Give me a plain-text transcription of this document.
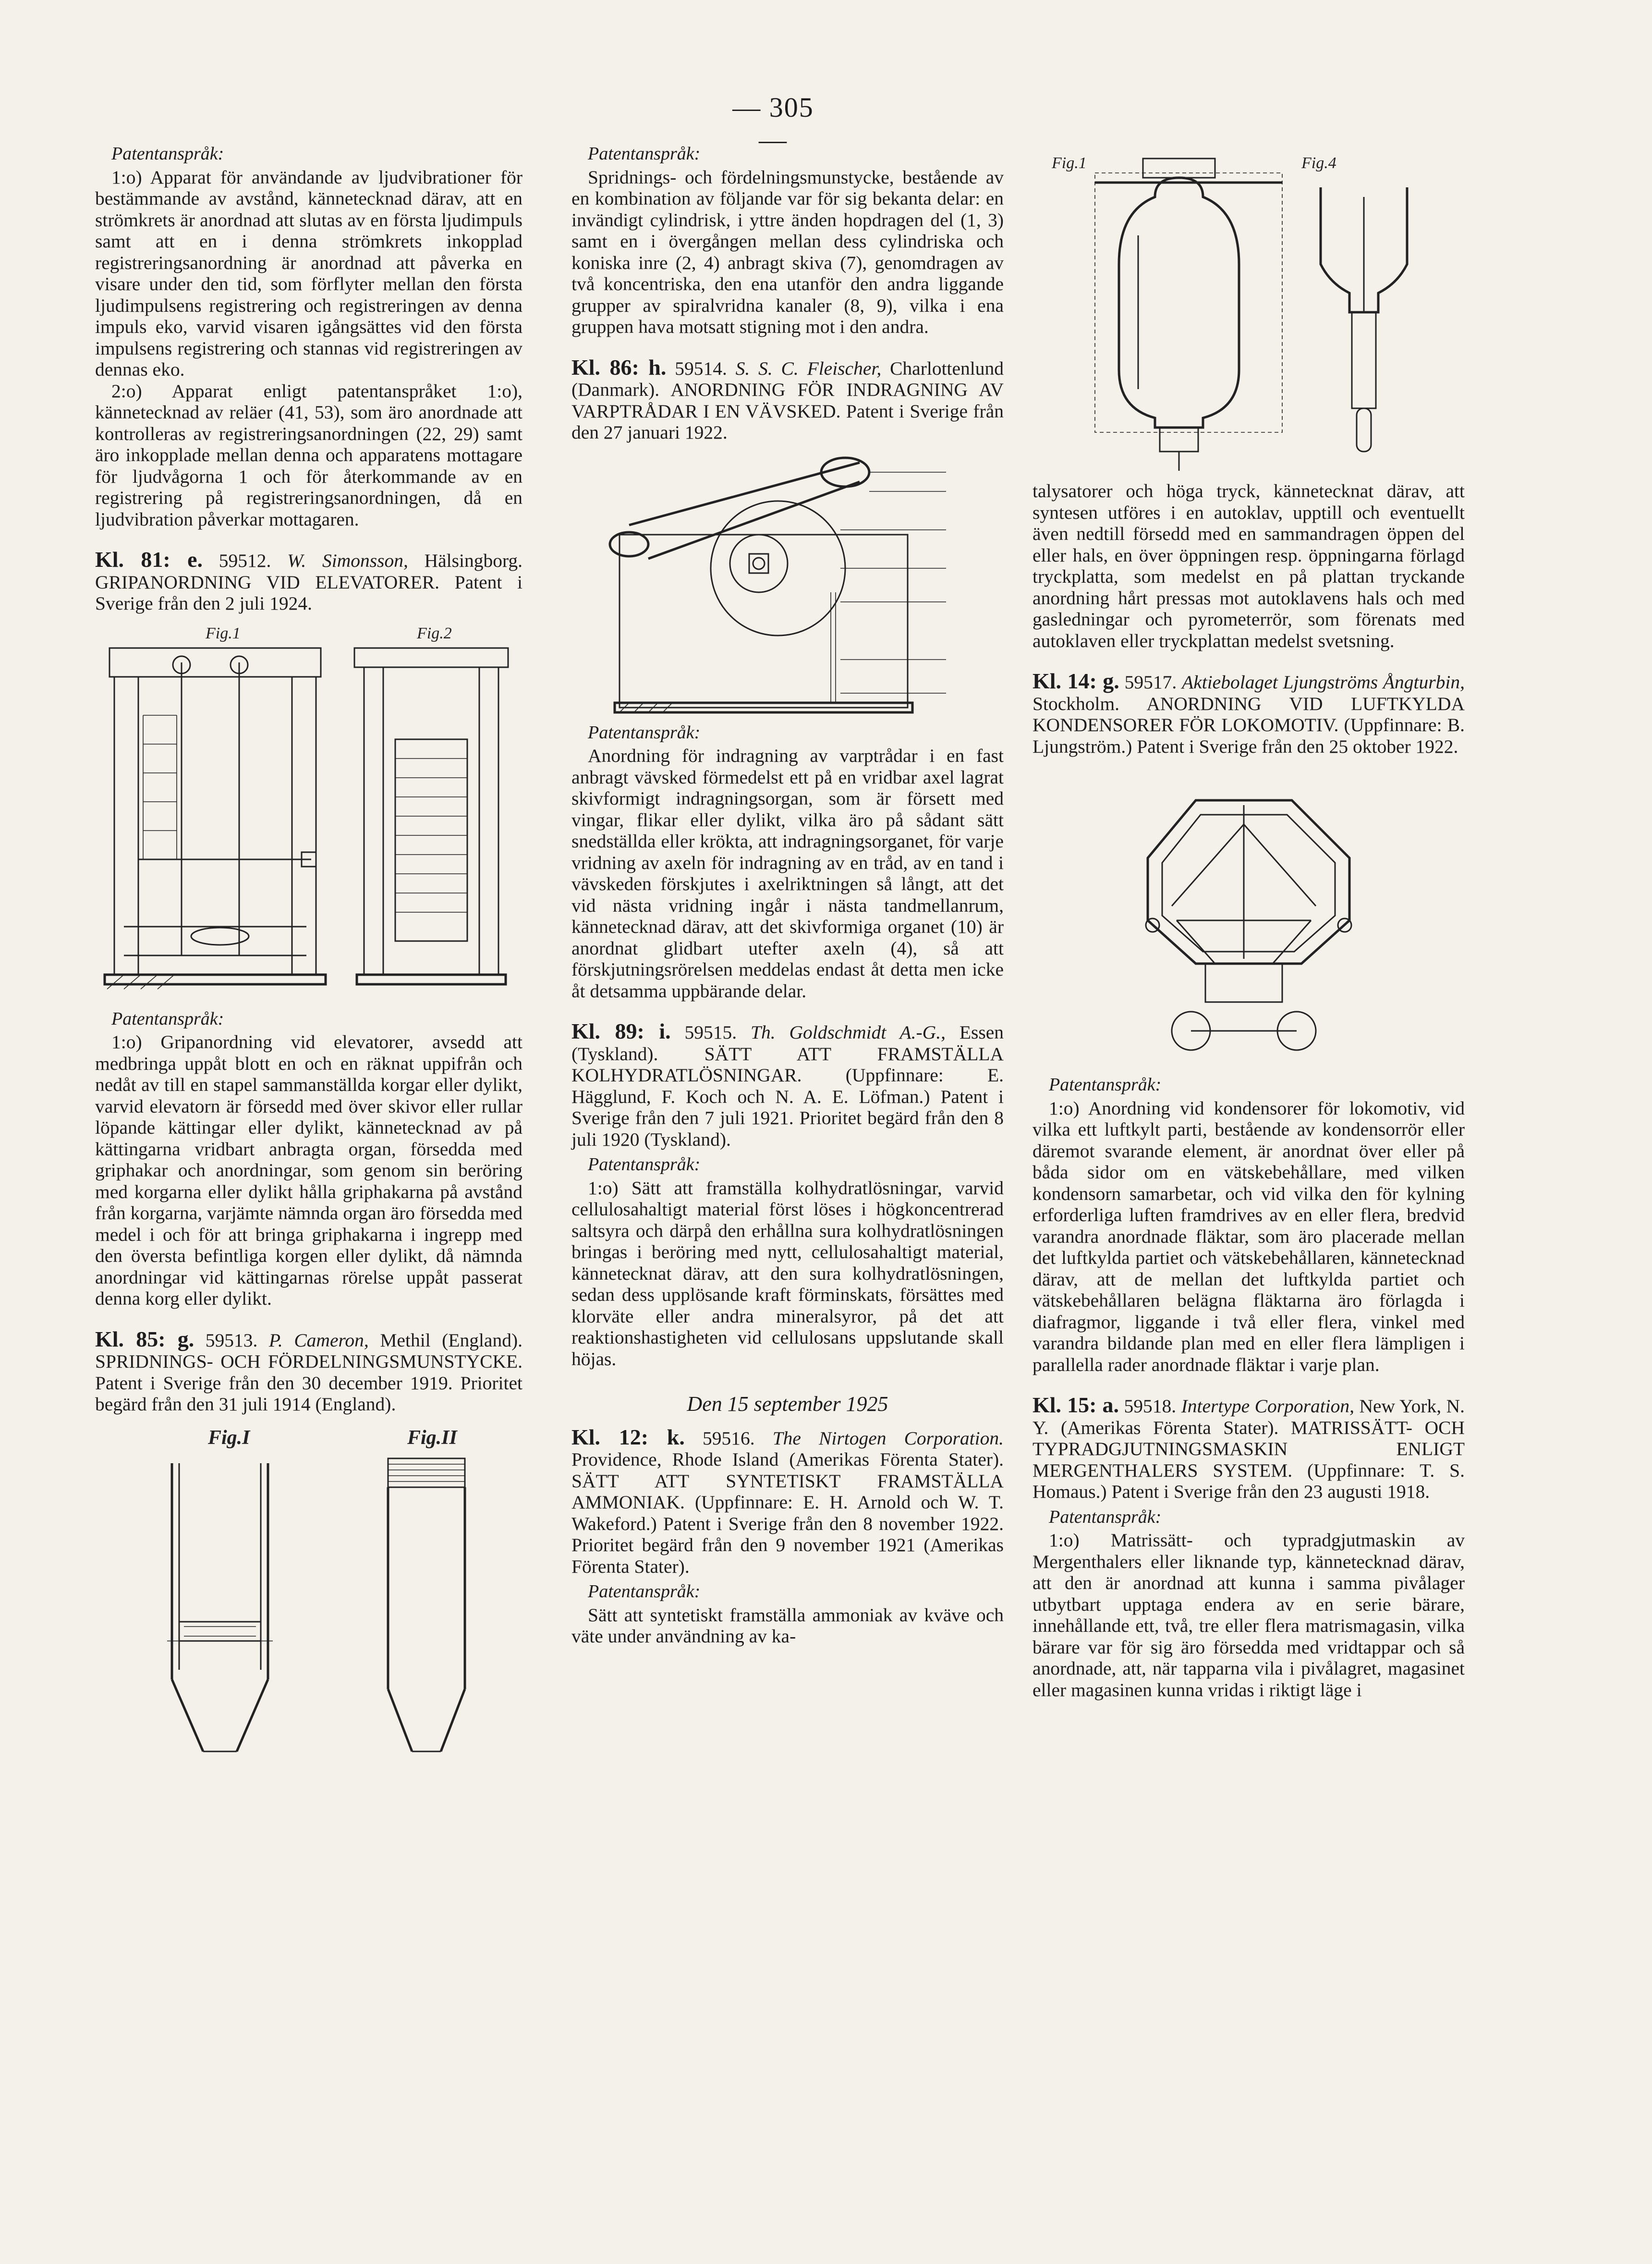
— 305 —

Patentanspråk:

1:o) Apparat för användande av ljudvibrationer för bestämmande av avstånd, kännetecknad därav, att en strömkrets är anordnad att slutas av en första ljudimpuls samt att en i denna strömkrets inkopplad registreringsanordning är anordnad att påverka en visare under den tid, som förflyter mellan den första ljudimpulsens registrering och registreringen av denna impuls eko, varvid visaren igångsättes vid den första impulsens registrering och stannas vid registreringen av dennas eko.

2:o) Apparat enligt patentanspråket 1:o), kännetecknad av reläer (41, 53), som äro anordnade att kontrolleras av registreringsanordningen (22, 29) samt äro inkopplade mellan denna och apparatens mottagare för ljudvågorna 1 och för återkommande av en registrering på registreringsanordningen, då en ljudvibration påverkar mottagaren.

Kl. 81: e. 59512. W. Simonsson, Hälsingborg. GRIPANORDNING VID ELEVATORER. Patent i Sverige från den 2 juli 1924.

Fig.1	Fig.2

Patentanspråk:

1:o) Gripanordning vid elevatorer, avsedd att medbringa uppåt blott en och en räknat uppifrån och nedåt av till en stapel sammanställda korgar eller dylikt, varvid elevatorn är försedd med över skivor eller rullar löpande kättingar eller dylikt, kännetecknad av på kättingarna vridbart anbragta organ, försedda med griphakar och anordningar, som genom sin beröring med korgarna eller dylikt hålla griphakarna på avstånd från korgarna, varjämte nämnda organ äro försedda med medel i och för att bringa griphakarna i ingrepp med den översta befintliga korgen eller dylikt, då nämnda anordningar vid kättingarnas rörelse uppåt passerat denna korg eller dylikt.

Kl. 85: g. 59513. P. Cameron, Methil (England). SPRIDNINGS- OCH FÖRDELNINGSMUNSTYCKE. Patent i Sverige från den 30 december 1919. Prioritet begärd från den 31 juli 1914 (England).

Fig.I	Fig.II

Patentanspråk:

Spridnings- och fördelningsmunstycke, bestående av en kombination av följande var för sig bekanta delar: en invändigt cylindrisk, i yttre änden hopdragen del (1, 3) samt en i övergången mellan dess cylindriska och koniska inre (2, 4) anbragt skiva (7), genomdragen av två koncentriska, den ena utanför den andra liggande grupper av spiralvridna kanaler (8, 9), vilka i ena gruppen hava motsatt stigning mot i den andra.

Kl. 86: h. 59514. S. S. C. Fleischer, Charlottenlund (Danmark). ANORDNING FÖR INDRAGNING AV VARPTRÅDAR I EN VÄVSKED. Patent i Sverige från den 27 januari 1922.

Patentanspråk:

Anordning för indragning av varptrådar i en fast anbragt vävsked förmedelst ett på en vridbar axel lagrat skivformigt indragningsorgan, som är försett med vingar, flikar eller dylikt, vilka äro på sådant sätt snedställda eller krökta, att indragningsorganet, för varje vridning av axeln för indragning av en tråd, av en tand i vävskeden förskjutes i axelriktningen så långt, att det vid nästa vridning ingår i nästa tandmellanrum, kännetecknad därav, att det skivformiga organet (10) är anordnat glidbart utefter axeln (4), så att förskjutningsrörelsen meddelas endast åt detta men icke åt detsamma uppbärande delar.

Kl. 89: i. 59515. Th. Goldschmidt A.-G., Essen (Tyskland). SÄTT ATT FRAMSTÄLLA KOLHYDRATLÖSNINGAR. (Uppfinnare: E. Hägglund, F. Koch och N. A. E. Löfman.) Patent i Sverige från den 7 juli 1921. Prioritet begärd från den 8 juli 1920 (Tyskland).

Patentanspråk:

1:o) Sätt att framställa kolhydratlösningar, varvid cellulosahaltigt material först löses i högkoncentrerad saltsyra och därpå den erhållna sura kolhydratlösningen bringas i beröring med nytt, cellulosahaltigt material, kännetecknat därav, att den sura kolhydratlösningen, sedan dess upplösande kraft förminskats, försättes med klorväte eller andra mineralsyror, på det att reaktionshastigheten vid cellulosans uppslutande skall höjas.

Den 15 september 1925

Kl. 12: k. 59516. The Nirtogen Corporation. Providence, Rhode Island (Amerikas Förenta Stater). SÄTT ATT SYNTETISKT FRAMSTÄLLA AMMONIAK. (Uppfinnare: E. H. Arnold och W. T. Wakeford.) Patent i Sverige från den 8 november 1922. Prioritet begärd från den 9 november 1921 (Amerikas Förenta Stater).

Patentanspråk:

Sätt att syntetiskt framställa ammoniak av kväve och väte under användning av ka-

Fig.1	Fig.4

talysatorer och höga tryck, kännetecknat därav, att syntesen utföres i en autoklav, upptill och eventuellt även nedtill försedd med en sammandragen öppen del eller hals, en över öppningen resp. öppningarna förlagd tryckplatta, som medelst en på plattan tryckande anordning hårt pressas mot autoklavens hals och med gasledningar och pyrometerrör, som förenats med autoklaven eller tryckplattan medelst svetsning.

Kl. 14: g. 59517. Aktiebolaget Ljungströms Ångturbin, Stockholm. ANORDNING VID LUFTKYLDA KONDENSORER FÖR LOKOMOTIV. (Uppfinnare: B. Ljungström.) Patent i Sverige från den 25 oktober 1922.

Patentanspråk:

1:o) Anordning vid kondensorer för lokomotiv, vid vilka ett luftkylt parti, bestående av kondensorrör eller däremot svarande element, är anordnat över eller på båda sidor om en vätskebehållare, med vilken kondensorn samarbetar, och vid vilka den för kylning erforderliga luften framdrives av en eller flera, bredvid varandra anordnade fläktar, som äro placerade mellan det luftkylda partiet och vätskebehållaren, kännetecknad därav, att de mellan det luftkylda partiet och vätskebehållaren belägna fläktarna äro förlagda i diafragmor, liggande i två eller flera, vinkel med varandra bildande plan med en eller flera lämpligen i parallella rader anordnade fläktar i varje plan.

Kl. 15: a. 59518. Intertype Corporation, New York, N. Y. (Amerikas Förenta Stater). MATRISSÄTT- OCH TYPRADGJUTNINGSMASKIN ENLIGT MERGENTHALERS SYSTEM. (Uppfinnare: T. S. Homaus.) Patent i Sverige från den 23 augusti 1918.

Patentanspråk:

1:o) Matrissätt- och typradgjutmaskin av Mergenthalers eller liknande typ, kännetecknad därav, att den är anordnad att kunna i samma pivålager utbytbart upptaga endera av en serie bärare, innehållande ett, två, tre eller flera matrismagasin, vilka bärare var för sig äro försedda med vridtappar och så anordnade, att, när tapparna vila i pivålagret, magasinet eller magasinen kunna vridas i riktigt läge i
